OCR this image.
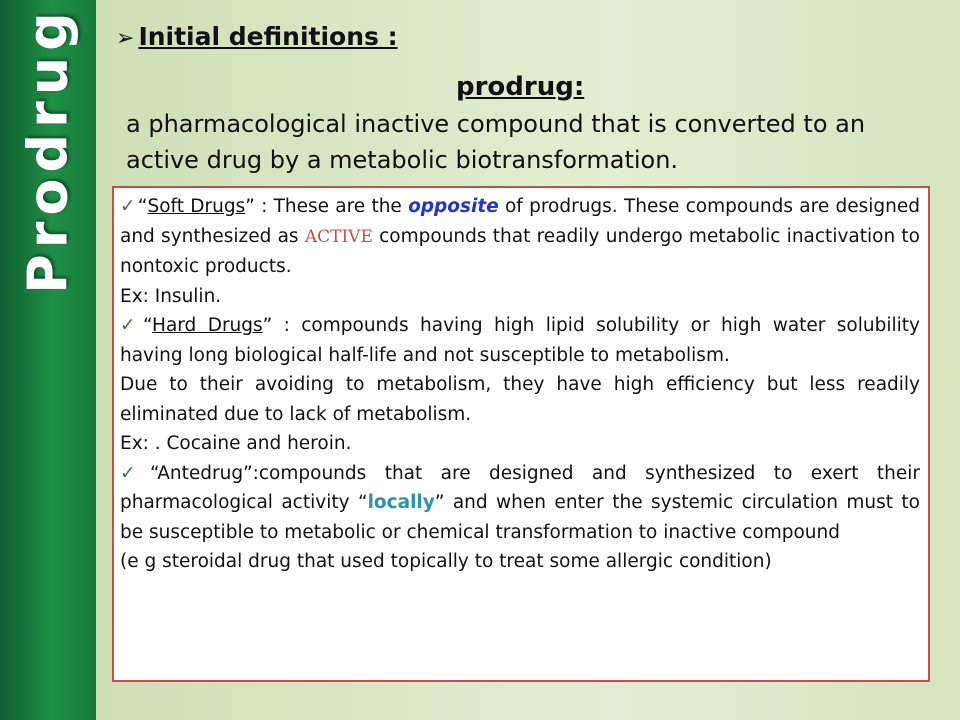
Prodrug ➢ Initial definitions :
prodrug:
a pharmacological inactive compound that is converted to an active drug by a metabolic biotransformation.

✓ “Soft Drugs” : These are the opposite of prodrugs. These compounds are designed and synthesized as ACTIVE compounds that readily undergo metabolic inactivation to nontoxic products.

Ex: Insulin.

✓ “Hard Drugs” : compounds having high lipid solubility or high water solubility having long biological half-life and not susceptible to metabolism.

Due to their avoiding to metabolism, they have high efficiency but less readily eliminated due to lack of metabolism.

Ex: . Cocaine and heroin.

✓ “Antedrug”:compounds that are designed and synthesized to exert their pharmacological activity “locally” and when enter the systemic circulation must to be susceptible to metabolic or chemical transformation to inactive compound

(e g steroidal drug that used topically to treat some allergic condition)
